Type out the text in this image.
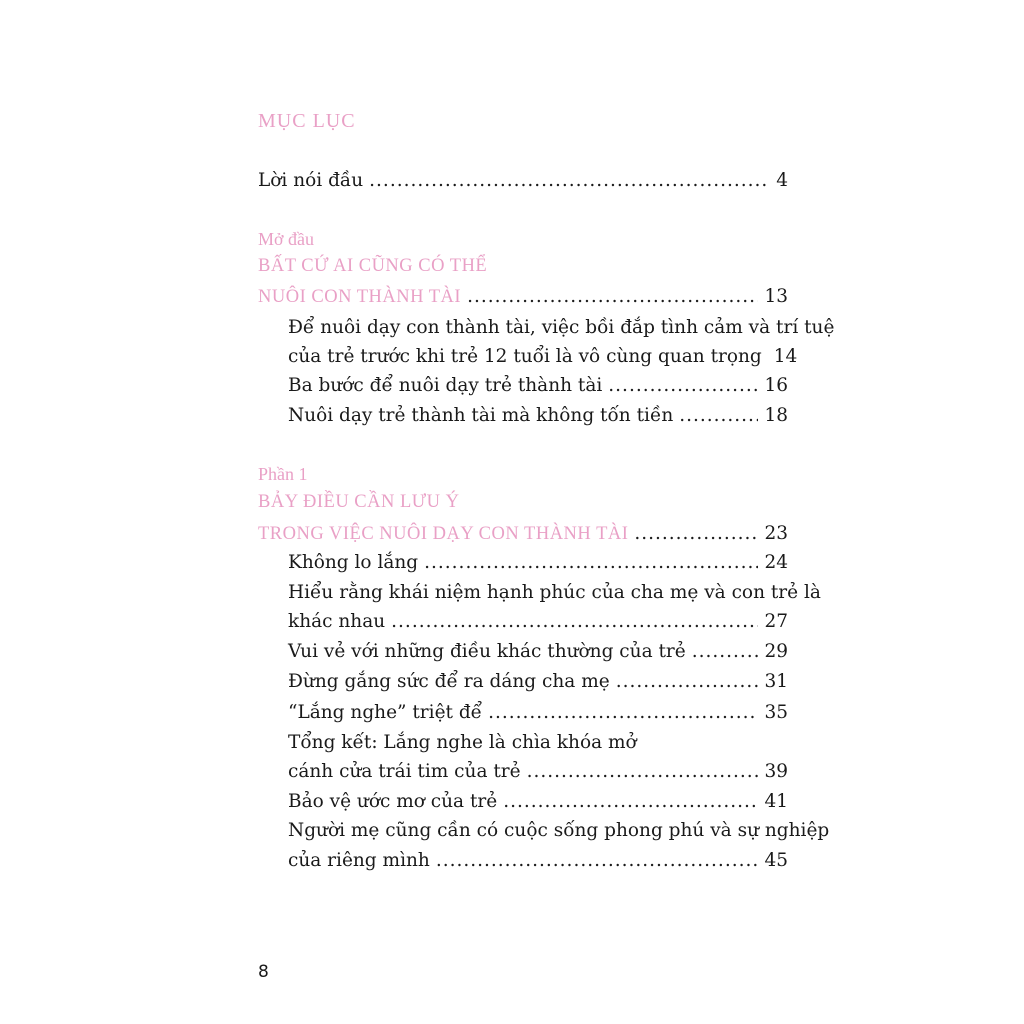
MỤC LỤC
Lời nói đầu .....	4
Mở đầu
BẤT CỨ AI CŨNG CÓ THỂ
NUÔI CON THÀNH TÀI .....	13
Để nuôi dạy con thành tài, việc bồi đắp tình cảm và trí tuệ
của trẻ trước khi trẻ 12 tuổi là vô cùng quan trọng 14
Ba bước để nuôi dạy trẻ thành tài .....	16
Nuôi dạy trẻ thành tài mà không tốn tiền .....	18
Phần 1
BẢY ĐIỀU CẦN LƯU Ý
TRONG VIỆC NUÔI DẠY CON THÀNH TÀI .....	23
Không lo lắng .....	24
Hiểu rằng khái niệm hạnh phúc của cha mẹ và con trẻ là
khác nhau .....	27
Vui vẻ với những điều khác thường của trẻ .....	29
Đừng gắng sức để ra dáng cha mẹ .....	31
“Lắng nghe” triệt để .....	35
Tổng kết: Lắng nghe là chìa khóa mở
cánh cửa trái tim của trẻ .....	39
Bảo vệ ước mơ của trẻ .....	41
Người mẹ cũng cần có cuộc sống phong phú và sự nghiệp
của riêng mình .....	45
8
